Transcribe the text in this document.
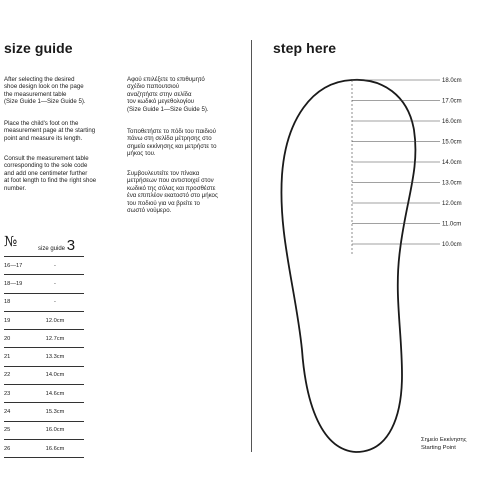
size guide
After selecting the desired
shoe design look on the page
the measurement table
(Size Guide 1—Size Guide 5).
Place the child's foot on the
measurement page at the starting
point and measure its length.
Consult the measurement table
corresponding to the sole code
and add one centimeter further
at foot length to find the right shoe
number.
Αφού επιλέξετε το επιθυμητό
σχέδιο παπουτσιού
αναζητήστε στην σελίδα
τον κωδικό μεγεθολογίου
(Size Guide 1—Size Guide 5).
Τοποθετήστε το πόδι του παιδιού
πάνω στη σελίδα μέτρησης στο
σημείο εκκίνησης και μετρήστε το
μήκος του.
Συμβουλευτείτε τον πίνακα
μετρήσεων που αντιστοιχεί στον
κωδικό της σόλας και προσθέστε
ένα επιπλέον εκατοστό στο μήκος
του ποδιού για να βρείτε το
σωστό νούμερο.
№	size guide 3
16—17	-
18—19	-
18	-
19	12.0cm
20	12.7cm
21	13.3cm
22	14.0cm
23	14.6cm
24	15.3cm
25	16.0cm
26	16.6cm
step here
18.0cm
17.0cm
16.0cm
15.0cm
14.0cm
13.0cm
12.0cm
11.0cm
10.0cm
Σημείο Εκκίνησης
Starting Point
